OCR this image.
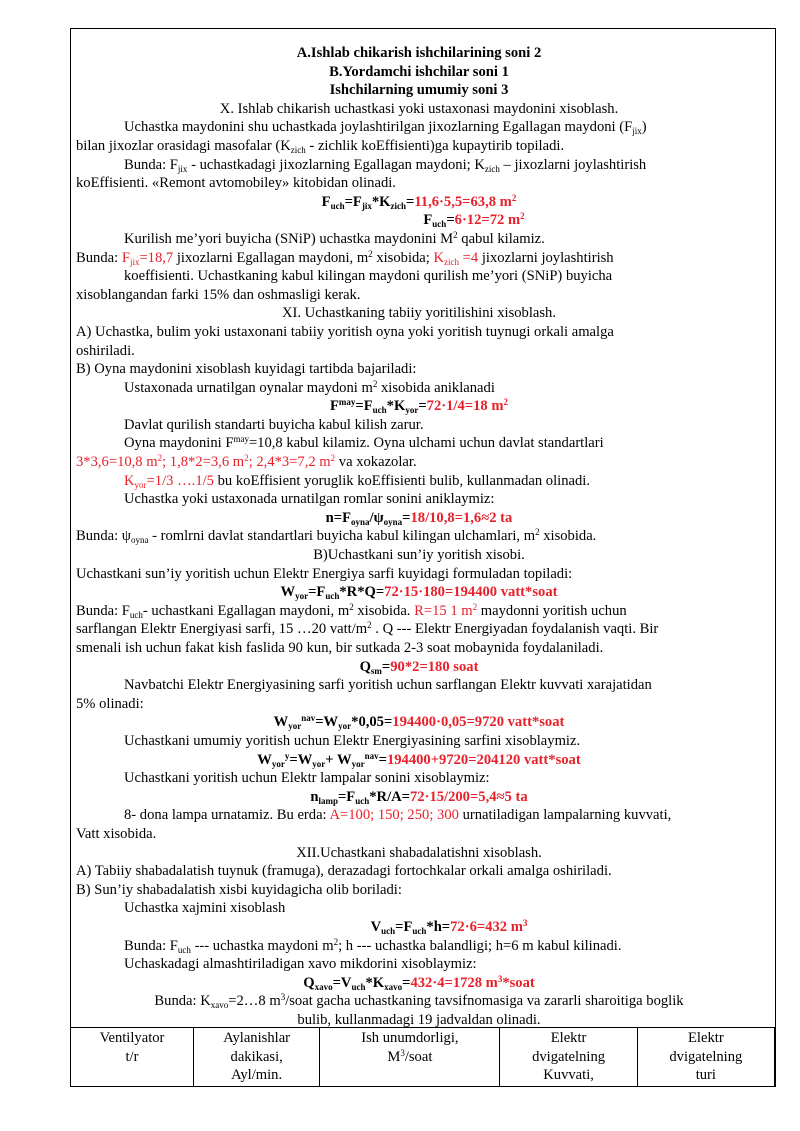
A.Ishlab chikarish ishchilarining soni 2
B.Yordamchi ishchilar soni 1
Ishchilarning umumiy soni 3
X. Ishlab chikarish uchastkasi yoki ustaxonasi maydonini xisoblash.
Uchastka maydonini shu uchastkada joylashtirilgan jixozlarning Egallagan maydoni $(F_{jix})$
bilan jixozlar orasidagi masofalar ($K_{zich}$ - zichlik koEffisienti)ga kupaytirib topiladi.
Bunda: $F_{jix}$ - uchastkadagi jixozlarning Egallagan maydoni; $K_{zich}$ – jixozlarni joylashtirish
koEffisienti. «Remont avtomobiley» kitobidan olinadi.
$F_{uch}=F_{jix}*K_{zich}=11,6\cdot 5,5=63,8$ $m^2$
$F_{uch}=6\cdot 12=72$ $m^2$
Kurilish me’yori buyicha (SNiP) uchastka maydonini $M^2$ qabul kilamiz.
Bunda: $F_{jix}=18,7$ jixozlarni Egallagan maydoni, $m^2$ xisobida; $K_{zich} =4$ jixozlarni joylashtirish
koeffisienti. Uchastkaning kabul kilingan maydoni qurilish me’yori (SNiP) buyicha
xisoblangandan farki 15% dan oshmasligi kerak.
XI. Uchastkaning tabiiy yoritilishini xisoblash.
A) Uchastka, bulim yoki ustaxonani tabiiy yoritish oyna yoki yoritish tuynugi orkali amalga
oshiriladi.
B) Oyna maydonini xisoblash kuyidagi tartibda bajariladi:
Ustaxonada urnatilgan oynalar maydoni $m^2$ xisobida aniklanadi
$F^{may}=F_{uch}*K_{yor}=72\cdot 1/4=18$ $m^2$
Davlat qurilish standarti buyicha kabul kilish zarur.
Oyna maydonini $F^{may}=10,8$ kabul kilamiz. Oyna ulchami uchun davlat standartlari
3*3,6=10,8 $m^2$; 1,8*2=3,6 $m^2$; 2,4*3=7,2 $m^2$ va xokazolar.
$K_{yor}=1/3$ ….1/5 bu koEffisient yoruglik koEffisienti bulib, kullanmadan olinadi.
Uchastka yoki ustaxonada urnatilgan romlar sonini aniklaymiz:
$n=F_{oyna}/\psi_{oyna}=18/10,8=1,6\approx 2$ ta
Bunda: $\psi_{oyna}$ - romlrni davlat standartlari buyicha kabul kilingan ulchamlari, $m^2$ xisobida.
B)Uchastkani sun’iy yoritish xisobi.
Uchastkani sun’iy yoritish uchun Elektr Energiya sarfi kuyidagi formuladan topiladi:
$W_{yor}=F_{uch}*R*Q=72\cdot 15\cdot 180=194400$ vatt*soat
Bunda: $F_{uch}-$ uchastkani Egallagan maydoni, $m^2$ xisobida. R=15 1 $m^2$ maydonni yoritish uchun
sarflangan Elektr Energiyasi sarfi, 15 …20 vatt/$m^2$ . Q --- Elektr Energiyadan foydalanish vaqti. Bir
smenali ish uchun fakat kish faslida 90 kun, bir sutkada 2-3 soat mobaynida foydalaniladi.
$Q_{sm}=90*2=180$ soat
Navbatchi Elektr Energiyasining sarfi yoritish uchun sarflangan Elektr kuvvati xarajatidan
5% olinadi:
$W_{yor}^{nav}=W_{yor}*0,05=194400\cdot 0,05=9720$ vatt*soat
Uchastkani umumiy yoritish uchun Elektr Energiyasining sarfini xisoblaymiz.
$W_{yor}^y=W_{yor}+ W_{yor}^{nav}=194400+9720=204120$ vatt*soat
Uchastkani yoritish uchun Elektr lampalar sonini xisoblaymiz:
$n_{lamp}=F_{uch}*R/A=72\cdot 15/200=5,4\approx 5$ ta
8- dona lampa urnatamiz. Bu erda: A=100; 150; 250; 300 urnatiladigan lampalarning kuvvati,
Vatt xisobida.
XII.Uchastkani shabadalatishni xisoblash.
A) Tabiiy shabadalatish tuynuk (framuga), derazadagi fortochkalar orkali amalga oshiriladi.
B) Sun’iy shabadalatish xisbi kuyidagicha olib boriladi:
Uchastka xajmini xisoblash
$V_{uch}=F_{uch}*h=72\cdot 6=432$ $m^3$
Bunda: $F_{uch}$ --- uchastka maydoni $m^2$; h --- uchastka balandligi; h=6 m kabul kilinadi.
Uchaskadagi almashtiriladigan xavo mikdorini xisoblaymiz:
$Q_{xavo}=V_{uch}*K_{xavo}=432\cdot 4=1728$ $m^3*soat$
Bunda: $K_{xavo}=2\dots 8$ $m^3$/soat gacha uchastkaning tavsifnomasiga va zararli sharoitiga boglik
bulib, kullanmadagi 19 jadvaldan olinadi.
Ventilyator
t/r

Aylanishlar
dakikasi,
Ayl/min.

Ish unumdorligi,
$M^3$/soat

Elektr
dvigatelning
Kuvvati,

Elektr
dvigatelning
turi
